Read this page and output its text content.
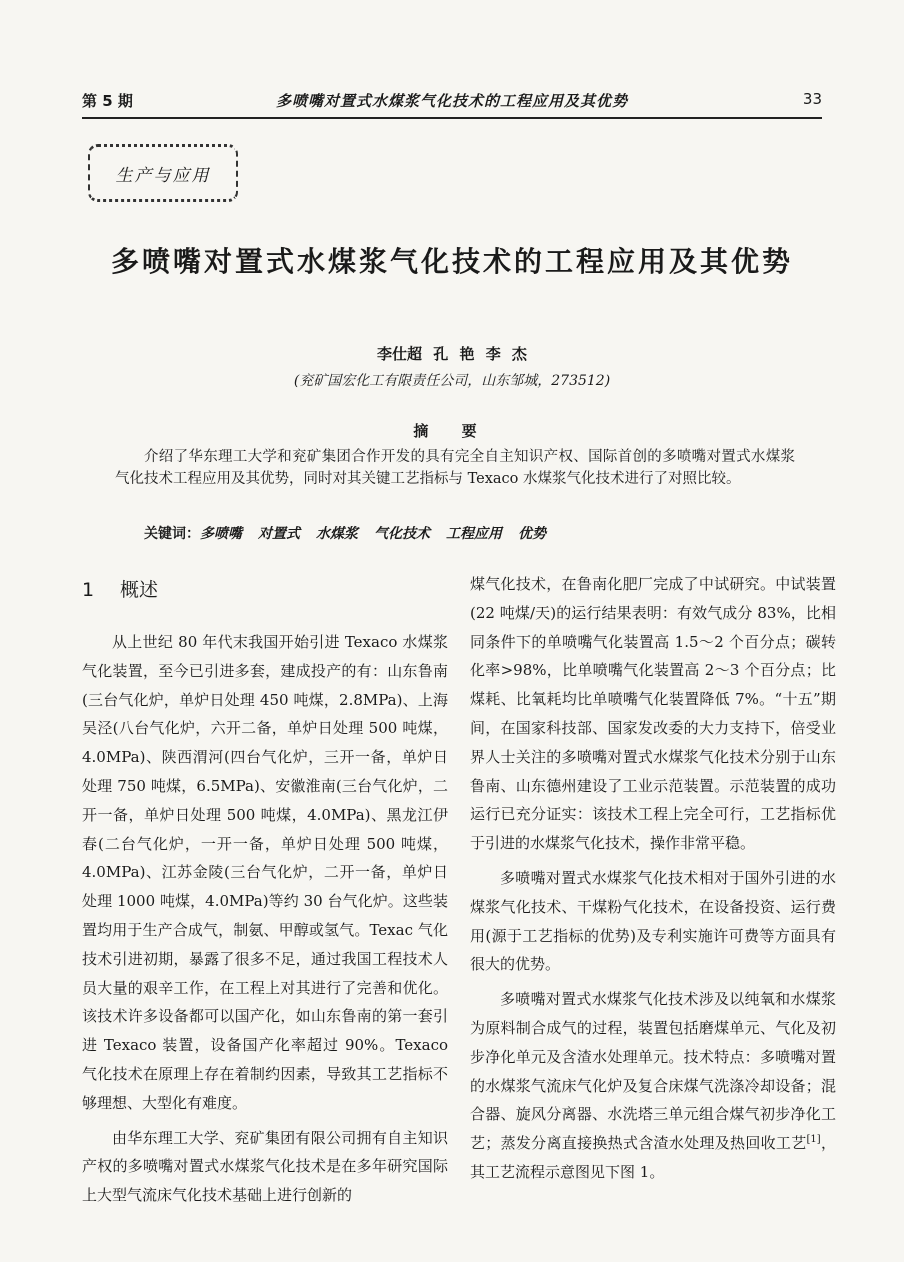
第 5 期	多喷嘴对置式水煤浆气化技术的工程应用及其优势	33
生产与应用
多喷嘴对置式水煤浆气化技术的工程应用及其优势
李仕超 孔 艳 李 杰
(兖矿国宏化工有限责任公司，山东邹城，273512)
摘 要

介绍了华东理工大学和兖矿集团合作开发的具有完全自主知识产权、国际首创的多喷嘴对置式水煤浆气化技术工程应用及其优势，同时对其关键工艺指标与 Texaco 水煤浆气化技术进行了对照比较。

关键词：多喷嘴 对置式 水煤浆 气化技术 工程应用 优势
1 概述

从上世纪 80 年代末我国开始引进 Texaco 水煤浆气化装置，至今已引进多套，建成投产的有：山东鲁南(三台气化炉，单炉日处理 450 吨煤，2.8MPa)、上海吴泾(八台气化炉，六开二备，单炉日处理 500 吨煤，4.0MPa)、陕西渭河(四台气化炉，三开一备，单炉日处理 750 吨煤，6.5MPa)、安徽淮南(三台气化炉，二开一备，单炉日处理 500 吨煤，4.0MPa)、黑龙江伊春(二台气化炉，一开一备，单炉日处理 500 吨煤，4.0MPa)、江苏金陵(三台气化炉，二开一备，单炉日处理 1000 吨煤，4.0MPa)等约 30 台气化炉。这些装置均用于生产合成气，制氨、甲醇或氢气。Texac 气化技术引进初期，暴露了很多不足，通过我国工程技术人员大量的艰辛工作，在工程上对其进行了完善和优化。该技术许多设备都可以国产化，如山东鲁南的第一套引进 Texaco 装置，设备国产化率超过 90%。Texaco 气化技术在原理上存在着制约因素，导致其工艺指标不够理想、大型化有难度。

由华东理工大学、兖矿集团有限公司拥有自主知识产权的多喷嘴对置式水煤浆气化技术是在多年研究国际上大型气流床气化技术基础上进行创新的

煤气化技术，在鲁南化肥厂完成了中试研究。中试装置(22 吨煤/天)的运行结果表明：有效气成分 83%，比相同条件下的单喷嘴气化装置高 1.5～2 个百分点；碳转化率>98%，比单喷嘴气化装置高 2～3 个百分点；比煤耗、比氧耗均比单喷嘴气化装置降低 7%。“十五”期间，在国家科技部、国家发改委的大力支持下，倍受业界人士关注的多喷嘴对置式水煤浆气化技术分别于山东鲁南、山东德州建设了工业示范装置。示范装置的成功运行已充分证实：该技术工程上完全可行，工艺指标优于引进的水煤浆气化技术，操作非常平稳。

多喷嘴对置式水煤浆气化技术相对于国外引进的水煤浆气化技术、干煤粉气化技术，在设备投资、运行费用(源于工艺指标的优势)及专利实施许可费等方面具有很大的优势。

多喷嘴对置式水煤浆气化技术涉及以纯氧和水煤浆为原料制合成气的过程，装置包括磨煤单元、气化及初步净化单元及含渣水处理单元。技术特点：多喷嘴对置的水煤浆气流床气化炉及复合床煤气洗涤冷却设备；混合器、旋风分离器、水洗塔三单元组合煤气初步净化工艺；蒸发分离直接换热式含渣水处理及热回收工艺[1]，其工艺流程示意图见下图 1。
